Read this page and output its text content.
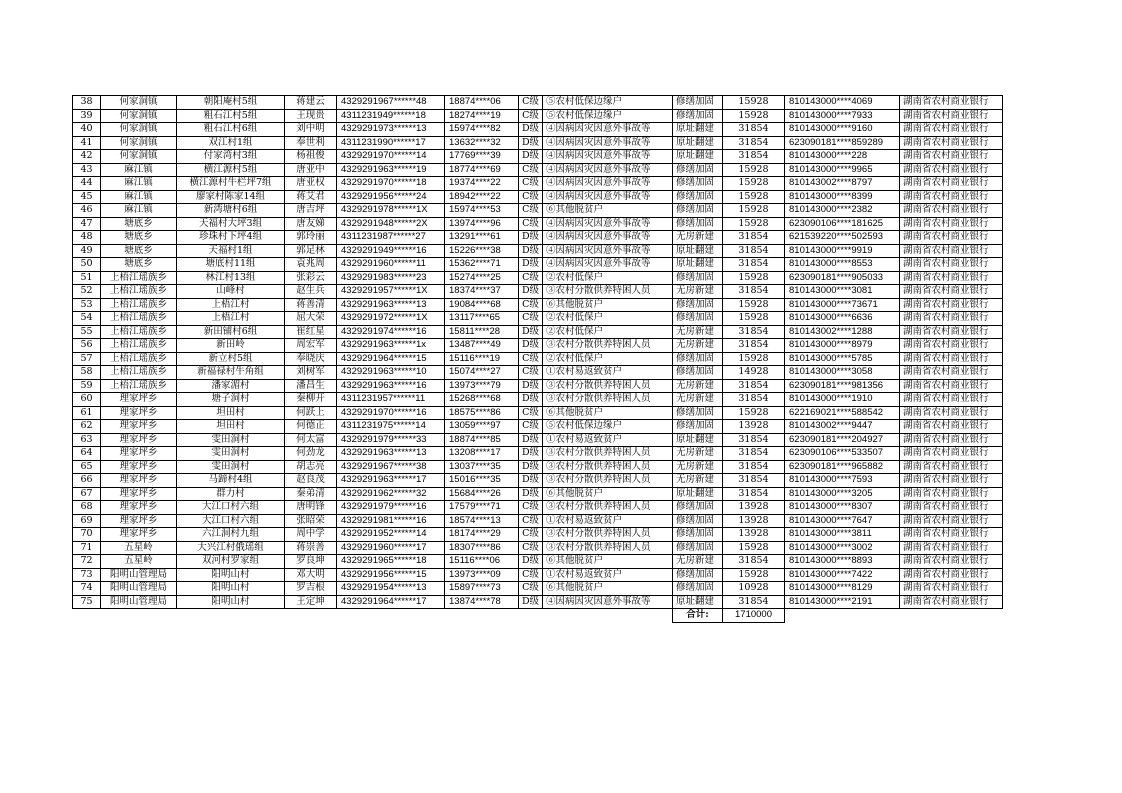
38	何家洞镇	朝阳庵村5组	蒋建云	4329291967******48	18874****06	C级	⑤农村低保边缘户	修缮加固	15928	810143000****4069	湖南省农村商业银行
39	何家洞镇	粗石江村5组	王现贵	4311231949******18	18274****19	C级	⑤农村低保边缘户	修缮加固	15928	810143000****7933	湖南省农村商业银行
40	何家洞镇	粗石江村6组	刘中明	4329291973******13	15974****82	D级	④因病因灾因意外事故等	原址翻建	31854	810143000****9160	湖南省农村商业银行
41	何家洞镇	双江村1组	奉世利	4311231990******17	13632****32	D级	④因病因灾因意外事故等	原址翻建	31854	623090181****859289	湖南省农村商业银行
42	何家洞镇	付家湾村3组	杨祖俊	4329291970******14	17769****39	D级	④因病因灾因意外事故等	原址翻建	31854	810143000****228	湖南省农村商业银行
43	麻江镇	横江源村5组	唐亚中	4329291963******19	18774****69	C级	④因病因灾因意外事故等	修缮加固	15928	810143000****9965	湖南省农村商业银行
44	麻江镇	横江源村牛栏坪7组	唐亚权	4329291970******18	19374****22	C级	④因病因灾因意外事故等	修缮加固	15928	810143002****8797	湖南省农村商业银行
45	麻江镇	廖家村陈家14组	蒋艾君	4329291956******24	18942****22	C级	④因病因灾因意外事故等	修缮加固	15928	810143000****8399	湖南省农村商业银行
46	麻江镇	新湾塘村6组	唐吉坪	4329291978******1X	15974****53	C级	⑥其他脱贫户	修缮加固	15928	810143000****2382	湖南省农村商业银行
47	塘底乡	天福村大坪3组	唐友娣	4329291948******2X	13974****96	C级	④因病因灾因意外事故等	修缮加固	15928	623090106****181625	湖南省农村商业银行
48	塘底乡	珍珠村下坪4组	郭玲丽	4311231987******27	13291****61	D级	④因病因灾因意外事故等	无房新建	31854	621539220****502593	湖南省农村商业银行
49	塘底乡	天福村1组	郭足林	4329291949******16	15226****38	D级	④因病因灾因意外事故等	原址翻建	31854	810143000****9919	湖南省农村商业银行
50	塘底乡	塘底村11组	袁兆周	4329291960******11	15362****71	D级	④因病因灾因意外事故等	原址翻建	31854	810143000****8553	湖南省农村商业银行
51	上梧江瑶族乡	林江村13组	张彩云	4329291983******23	15274****25	C级	②农村低保户	修缮加固	15928	623090181****905033	湖南省农村商业银行
52	上梧江瑶族乡	山峰村	赵生兵	4329291957******1X	18374****37	D级	③农村分散供养特困人员	无房新建	31854	810143000****3081	湖南省农村商业银行
53	上梧江瑶族乡	上梧江村	蒋善清	4329291963******13	19084****68	C级	⑥其他脱贫户	修缮加固	15928	810143000****73671	湖南省农村商业银行
54	上梧江瑶族乡	上梧江村	屈大荣	4329291972******1X	13117****65	C级	②农村低保户	修缮加固	15928	810143000****6636	湖南省农村商业银行
55	上梧江瑶族乡	新田铺村6组	崔红星	4329291974******16	15811****28	D级	②农村低保户	无房新建	31854	810143002****1288	湖南省农村商业银行
56	上梧江瑶族乡	新田岭	周宏军	4329291963******1x	13487****49	D级	③农村分散供养特困人员	无房新建	31854	810143000****8979	湖南省农村商业银行
57	上梧江瑶族乡	新立村5组	奉晓庆	4329291964******15	15116****19	C级	②农村低保户	修缮加固	15928	810143000****5785	湖南省农村商业银行
58	上梧江瑶族乡	新福禄村牛角组	刘树军	4329291963******10	15074****27	C级	①农村易返致贫户	修缮加固	14928	810143000****3058	湖南省农村商业银行
59	上梧江瑶族乡	潘家湄村	潘昌生	4329291963******16	13973****79	D级	③农村分散供养特困人员	无房新建	31854	623090181****981356	湖南省农村商业银行
60	理家坪乡	塘子洞村	秦柳开	4311231957******11	15268****68	D级	③农村分散供养特困人员	无房新建	31854	810143000****1910	湖南省农村商业银行
61	理家坪乡	坦田村	何跃上	4329291970******16	18575****86	C级	⑥其他脱贫户	修缮加固	15928	622169021****588542	湖南省农村商业银行
62	理家坪乡	坦田村	何德正	4311231975******14	13059****97	C级	⑤农村低保边缘户	修缮加固	13928	810143002****9447	湖南省农村商业银行
63	理家坪乡	雯田洞村	何太富	4329291979******33	18874****85	D级	①农村易返致贫户	原址翻建	31854	623090181****204927	湖南省农村商业银行
64	理家坪乡	雯田洞村	何劲龙	4329291963******13	13208****17	D级	③农村分散供养特困人员	无房新建	31854	623090106****533507	湖南省农村商业银行
65	理家坪乡	雯田洞村	胡志亮	4329291967******38	13037****35	D级	③农村分散供养特困人员	无房新建	31854	623090181****965882	湖南省农村商业银行
66	理家坪乡	马蹄村4组	赵良茂	4329291963******17	15016****35	D级	③农村分散供养特困人员	无房新建	31854	810143000****7593	湖南省农村商业银行
67	理家坪乡	群力村	秦弟清	4329291962******32	15684****26	D级	⑥其他脱贫户	原址翻建	31854	810143000****3205	湖南省农村商业银行
68	理家坪乡	大江口村六组	唐明锋	4329291979******16	17579****71	C级	③农村分散供养特困人员	修缮加固	13928	810143000****8307	湖南省农村商业银行
69	理家坪乡	大江口村六组	张昭荣	4329291981******16	18574****13	C级	①农村易返致贫户	修缮加固	13928	810143000****7647	湖南省农村商业银行
70	理家坪乡	六江洞村九组	周中学	4329291952******14	18174****29	C级	③农村分散供养特困人员	修缮加固	13928	810143000****3811	湖南省农村商业银行
71	五星岭	大兴江村俄瑶组	蒋崇善	4329291960******17	18307****86	C级	③农村分散供养特困人员	修缮加固	15928	810143000****3002	湖南省农村商业银行
72	五星岭	双河村罗家组	罗良坤	4329291965******18	15116****06	D级	⑥其他脱贫户	无房新建	31854	810143000****8893	湖南省农村商业银行
73	阳明山管理局	阳明山村	邓大明	4329291956******15	13973****09	C级	①农村易返致贫户	修缮加固	15928	810143000****7422	湖南省农村商业银行
74	阳明山管理局	阳明山村	罗吉根	4329291954******13	15897****73	C级	⑥其他脱贫户	修缮加固	10928	810143000****8129	湖南省农村商业银行
75	阳明山管理局	阳明山村	王定坤	4329291964******17	13874****78	D级	④因病因灾因意外事故等	原址翻建	31854	810143000****2191	湖南省农村商业银行
								合计:	1710000		
